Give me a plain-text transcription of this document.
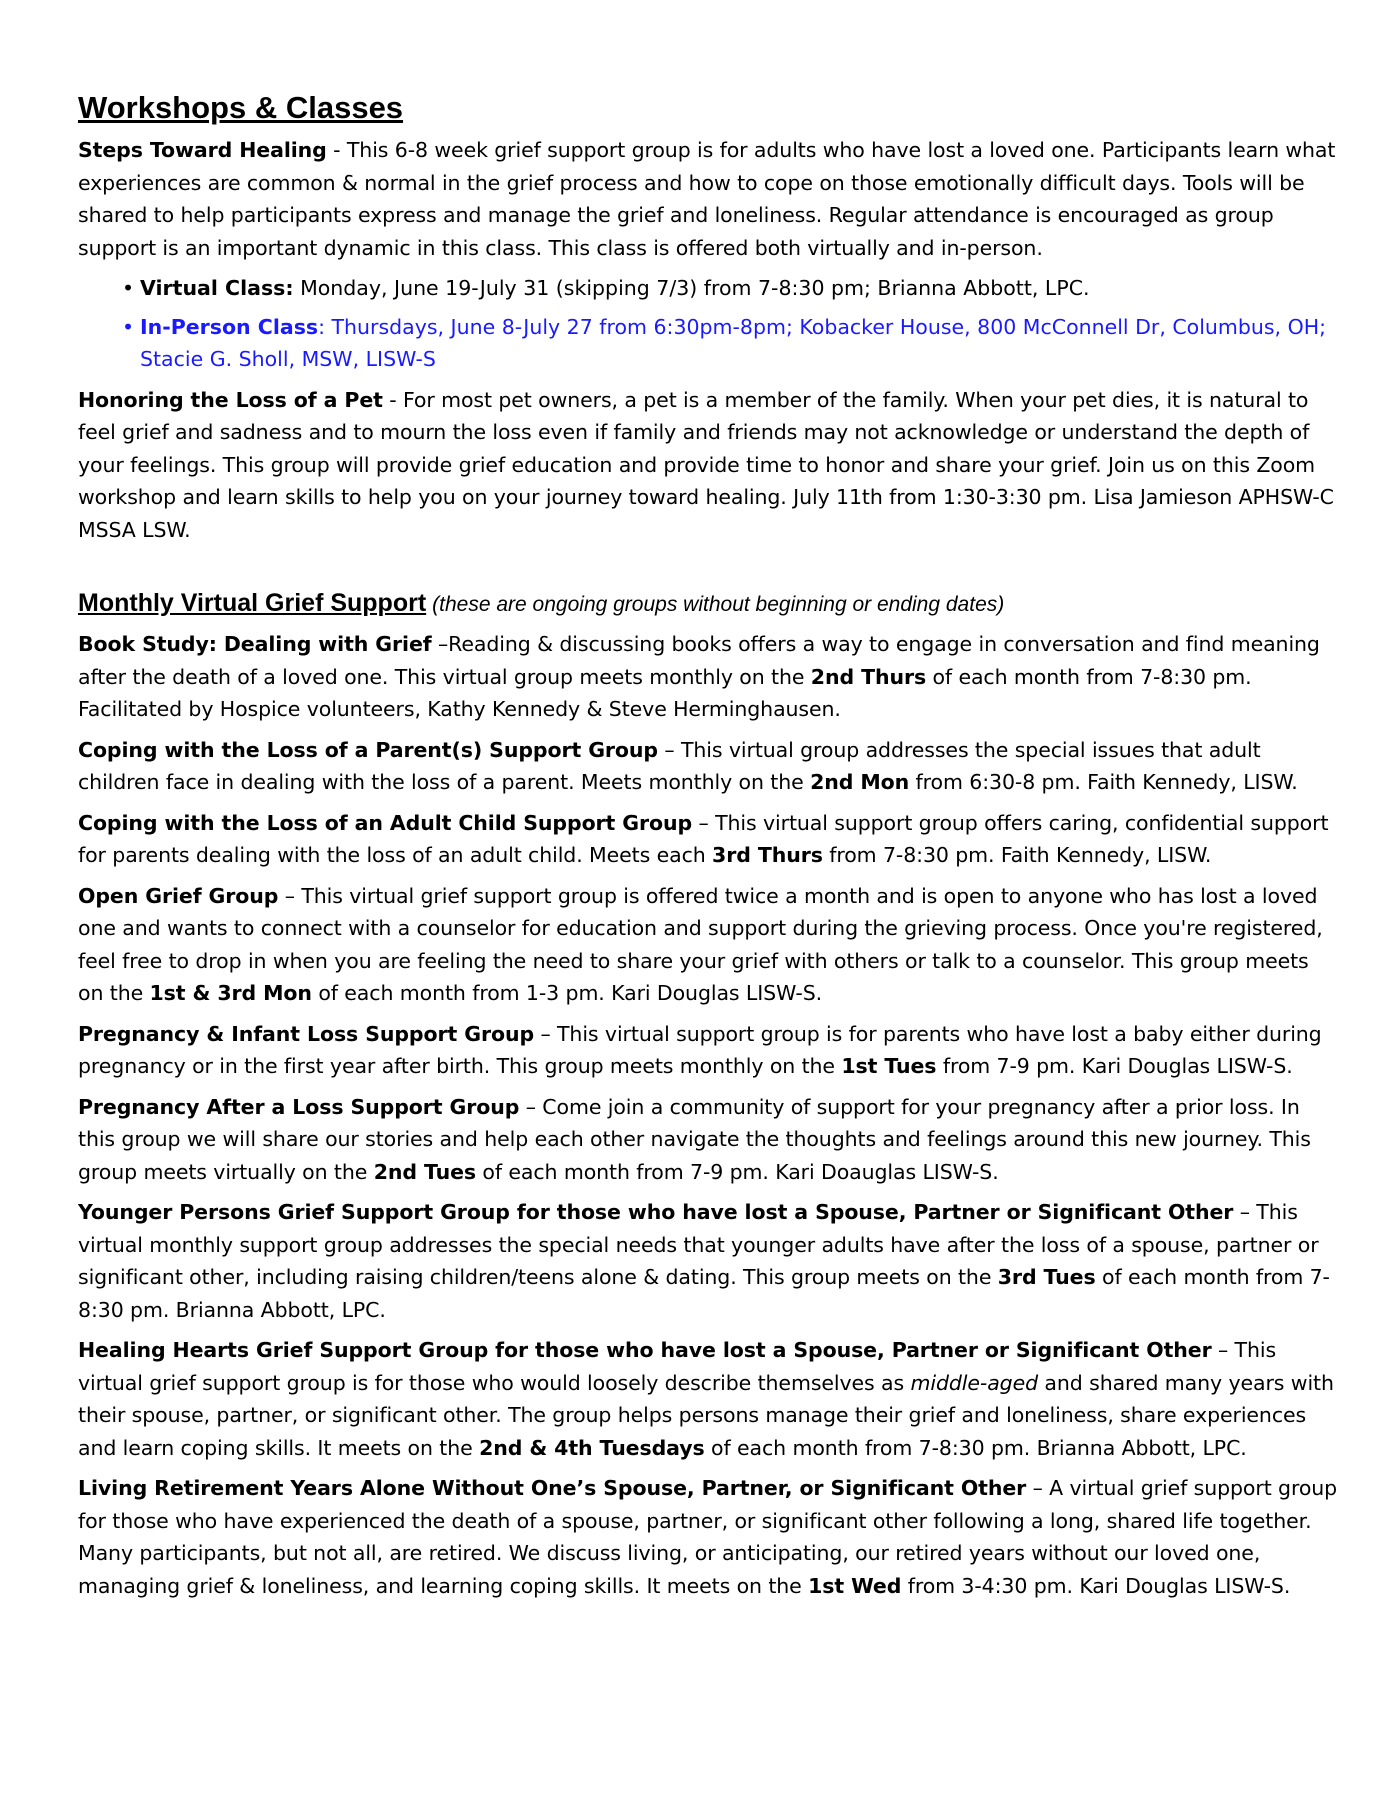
Workshops & Classes

Steps Toward Healing - This 6-8 week grief support group is for adults who have lost a loved one. Participants learn what experiences are common & normal in the grief process and how to cope on those emotionally difficult days. Tools will be shared to help participants express and manage the grief and loneliness. Regular attendance is encouraged as group support is an important dynamic in this class. This class is offered both virtually and in-person.

• Virtual Class: Monday, June 19-July 31 (skipping 7/3) from 7-8:30 pm; Brianna Abbott, LPC.
• In-Person Class: Thursdays, June 8-July 27 from 6:30pm-8pm; Kobacker House, 800 McConnell Dr, Columbus, OH; Stacie G. Sholl, MSW, LISW-S

Honoring the Loss of a Pet - For most pet owners, a pet is a member of the family. When your pet dies, it is natural to feel grief and sadness and to mourn the loss even if family and friends may not acknowledge or understand the depth of your feelings. This group will provide grief education and provide time to honor and share your grief. Join us on this Zoom workshop and learn skills to help you on your journey toward healing. July 11th from 1:30-3:30 pm. Lisa Jamieson APHSW-C MSSA LSW.

Monthly Virtual Grief Support (these are ongoing groups without beginning or ending dates)

Book Study: Dealing with Grief –Reading & discussing books offers a way to engage in conversation and find meaning after the death of a loved one. This virtual group meets monthly on the 2nd Thurs of each month from 7-8:30 pm. Facilitated by Hospice volunteers, Kathy Kennedy & Steve Herminghausen.

Coping with the Loss of a Parent(s) Support Group – This virtual group addresses the special issues that adult children face in dealing with the loss of a parent. Meets monthly on the 2nd Mon from 6:30-8 pm. Faith Kennedy, LISW.

Coping with the Loss of an Adult Child Support Group – This virtual support group offers caring, confidential support for parents dealing with the loss of an adult child. Meets each 3rd Thurs from 7-8:30 pm. Faith Kennedy, LISW.

Open Grief Group – This virtual grief support group is offered twice a month and is open to anyone who has lost a loved one and wants to connect with a counselor for education and support during the grieving process. Once you're registered, feel free to drop in when you are feeling the need to share your grief with others or talk to a counselor. This group meets on the 1st & 3rd Mon of each month from 1-3 pm. Kari Douglas LISW-S.

Pregnancy & Infant Loss Support Group – This virtual support group is for parents who have lost a baby either during pregnancy or in the first year after birth. This group meets monthly on the 1st Tues from 7-9 pm. Kari Douglas LISW-S.

Pregnancy After a Loss Support Group – Come join a community of support for your pregnancy after a prior loss. In this group we will share our stories and help each other navigate the thoughts and feelings around this new journey. This group meets virtually on the 2nd Tues of each month from 7-9 pm. Kari Doauglas LISW-S.

Younger Persons Grief Support Group for those who have lost a Spouse, Partner or Significant Other – This virtual monthly support group addresses the special needs that younger adults have after the loss of a spouse, partner or significant other, including raising children/teens alone & dating. This group meets on the 3rd Tues of each month from 7-8:30 pm. Brianna Abbott, LPC.

Healing Hearts Grief Support Group for those who have lost a Spouse, Partner or Significant Other – This virtual grief support group is for those who would loosely describe themselves as middle-aged and shared many years with their spouse, partner, or significant other. The group helps persons manage their grief and loneliness, share experiences and learn coping skills. It meets on the 2nd & 4th Tuesdays of each month from 7-8:30 pm. Brianna Abbott, LPC.

Living Retirement Years Alone Without One’s Spouse, Partner, or Significant Other – A virtual grief support group for those who have experienced the death of a spouse, partner, or significant other following a long, shared life together. Many participants, but not all, are retired. We discuss living, or anticipating, our retired years without our loved one, managing grief & loneliness, and learning coping skills. It meets on the 1st Wed from 3-4:30 pm. Kari Douglas LISW-S.
